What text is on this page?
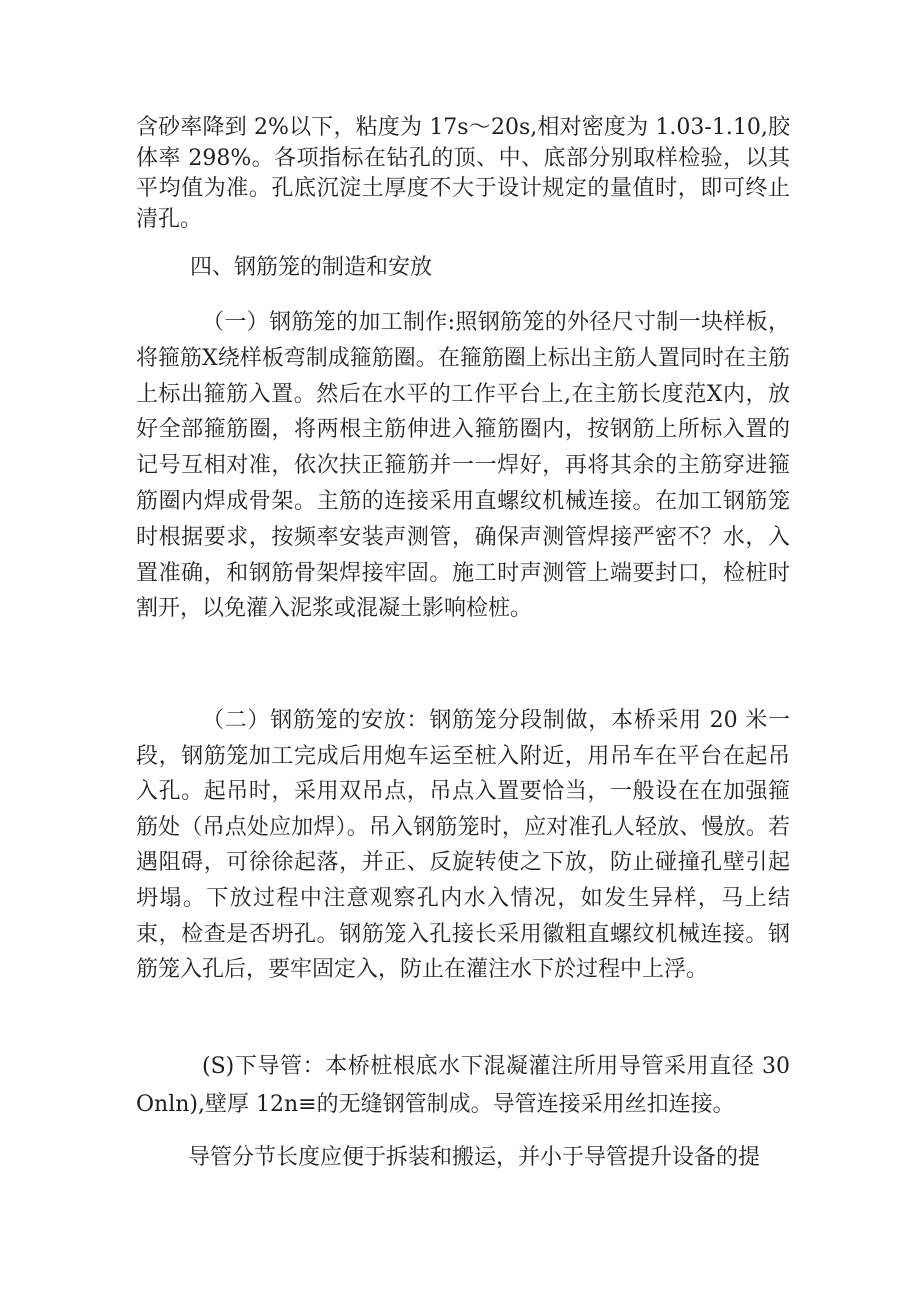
含砂率降到 2%以下，粘度为 17s～20s,相对密度为 1.03-1.10,胶体率 298%。各项指标在钻孔的顶、中、底部分别取样检验，以其平均值为准。孔底沉淀土厚度不大于设计规定的量值时，即可终止清孔。

四、钢筋笼的制造和安放

（一）钢筋笼的加工制作:照钢筋笼的外径尺寸制一块样板，将箍筋X绕样板弯制成箍筋圈。在箍筋圈上标出主筋人置同时在主筋上标出箍筋入置。然后在水平的工作平台上,在主筋长度范X内，放好全部箍筋圈，将两根主筋伸进入箍筋圈内，按钢筋上所标入置的记号互相对准，依次扶正箍筋并一一焊好，再将其余的主筋穿进箍筋圈内焊成骨架。主筋的连接采用直螺纹机械连接。在加工钢筋笼时根据要求，按频率安装声测管，确保声测管焊接严密不？水，入置准确，和钢筋骨架焊接牢固。施工时声测管上端要封口，检桩时割开，以免灌入泥浆或混凝土影响检桩。

（二）钢筋笼的安放：钢筋笼分段制做，本桥采用 20 米一段，钢筋笼加工完成后用炮车运至桩入附近，用吊车在平台在起吊入孔。起吊时，采用双吊点，吊点入置要恰当，一般设在在加强箍筋处（吊点处应加焊）。吊入钢筋笼时，应对准孔人轻放、慢放。若遇阻碍，可徐徐起落，并正、反旋转使之下放，防止碰撞孔壁引起坍塌。下放过程中注意观察孔内水入情况，如发生异样，马上结束，检查是否坍孔。钢筋笼入孔接长采用徽粗直螺纹机械连接。钢筋笼入孔后，要牢固定入，防止在灌注水下於过程中上浮。

(S)下导管：本桥桩根底水下混凝灌注所用导管采用直径 30Onln),壁厚 12n≡的无缝钢管制成。导管连接采用丝扣连接。

导管分节长度应便于拆装和搬运，并小于导管提升设备的提
